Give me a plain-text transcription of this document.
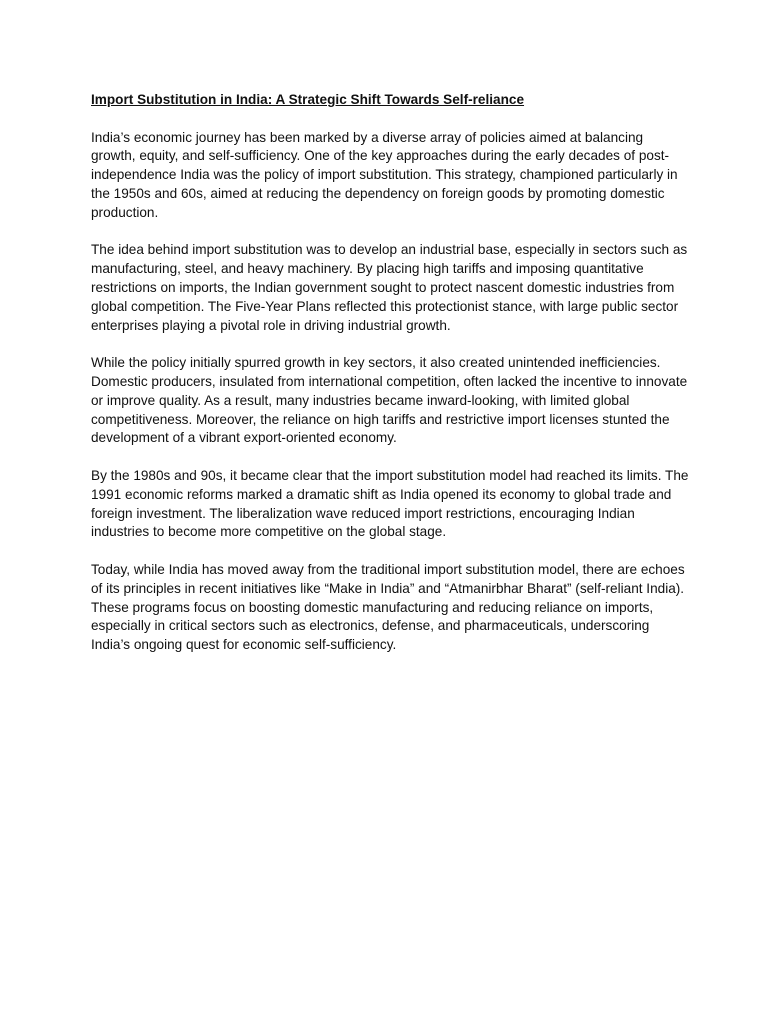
Import Substitution in India: A Strategic Shift Towards Self-reliance

India’s economic journey has been marked by a diverse array of policies aimed at balancing growth, equity, and self-sufficiency. One of the key approaches during the early decades of post-independence India was the policy of import substitution. This strategy, championed particularly in the 1950s and 60s, aimed at reducing the dependency on foreign goods by promoting domestic production.

The idea behind import substitution was to develop an industrial base, especially in sectors such as manufacturing, steel, and heavy machinery. By placing high tariffs and imposing quantitative restrictions on imports, the Indian government sought to protect nascent domestic industries from global competition. The Five-Year Plans reflected this protectionist stance, with large public sector enterprises playing a pivotal role in driving industrial growth.

While the policy initially spurred growth in key sectors, it also created unintended inefficiencies. Domestic producers, insulated from international competition, often lacked the incentive to innovate or improve quality. As a result, many industries became inward-looking, with limited global competitiveness. Moreover, the reliance on high tariffs and restrictive import licenses stunted the development of a vibrant export-oriented economy.

By the 1980s and 90s, it became clear that the import substitution model had reached its limits. The 1991 economic reforms marked a dramatic shift as India opened its economy to global trade and foreign investment. The liberalization wave reduced import restrictions, encouraging Indian industries to become more competitive on the global stage.

Today, while India has moved away from the traditional import substitution model, there are echoes of its principles in recent initiatives like “Make in India” and “Atmanirbhar Bharat” (self-reliant India). These programs focus on boosting domestic manufacturing and reducing reliance on imports, especially in critical sectors such as electronics, defense, and pharmaceuticals, underscoring India’s ongoing quest for economic self-sufficiency.
